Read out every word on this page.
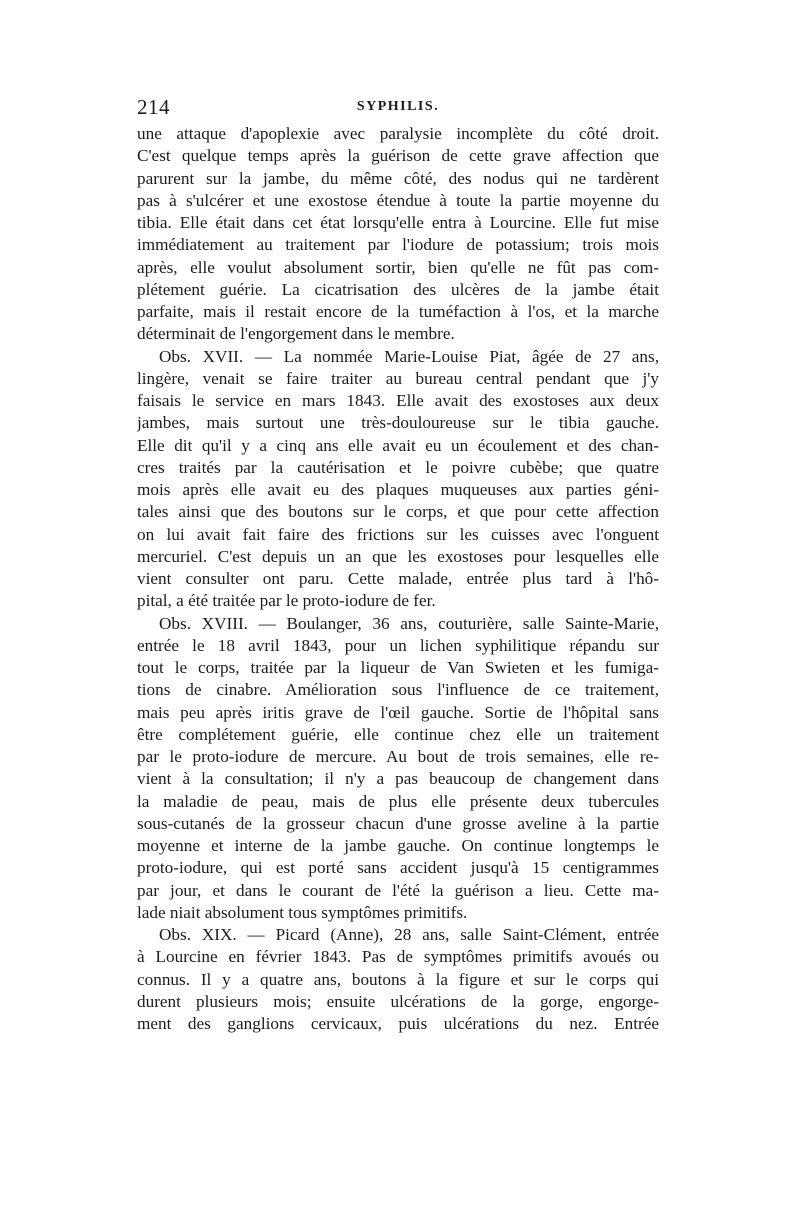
214	SYPHILIS.
une attaque d'apoplexie avec paralysie incomplète du côté droit.
C'est quelque temps après la guérison de cette grave affection que
parurent sur la jambe, du même côté, des nodus qui ne tardèrent
pas à s'ulcérer et une exostose étendue à toute la partie moyenne du
tibia. Elle était dans cet état lorsqu'elle entra à Lourcine. Elle fut mise
immédiatement au traitement par l'iodure de potassium; trois mois
après, elle voulut absolument sortir, bien qu'elle ne fût pas com-
plétement guérie. La cicatrisation des ulcères de la jambe était
parfaite, mais il restait encore de la tuméfaction à l'os, et la marche
déterminait de l'engorgement dans le membre.
Obs. XVII. — La nommée Marie-Louise Piat, âgée de 27 ans,
lingère, venait se faire traiter au bureau central pendant que j'y
faisais le service en mars 1843. Elle avait des exostoses aux deux
jambes, mais surtout une très-douloureuse sur le tibia gauche.
Elle dit qu'il y a cinq ans elle avait eu un écoulement et des chan-
cres traités par la cautérisation et le poivre cubèbe; que quatre
mois après elle avait eu des plaques muqueuses aux parties géni-
tales ainsi que des boutons sur le corps, et que pour cette affection
on lui avait fait faire des frictions sur les cuisses avec l'onguent
mercuriel. C'est depuis un an que les exostoses pour lesquelles elle
vient consulter ont paru. Cette malade, entrée plus tard à l'hô-
pital, a été traitée par le proto-iodure de fer.
Obs. XVIII. — Boulanger, 36 ans, couturière, salle Sainte-Marie,
entrée le 18 avril 1843, pour un lichen syphilitique répandu sur
tout le corps, traitée par la liqueur de Van Swieten et les fumiga-
tions de cinabre. Amélioration sous l'influence de ce traitement,
mais peu après iritis grave de l'œil gauche. Sortie de l'hôpital sans
être complétement guérie, elle continue chez elle un traitement
par le proto-iodure de mercure. Au bout de trois semaines, elle re-
vient à la consultation; il n'y a pas beaucoup de changement dans
la maladie de peau, mais de plus elle présente deux tubercules
sous-cutanés de la grosseur chacun d'une grosse aveline à la partie
moyenne et interne de la jambe gauche. On continue longtemps le
proto-iodure, qui est porté sans accident jusqu'à 15 centigrammes
par jour, et dans le courant de l'été la guérison a lieu. Cette ma-
lade niait absolument tous symptômes primitifs.
Obs. XIX. — Picard (Anne), 28 ans, salle Saint-Clément, entrée
à Lourcine en février 1843. Pas de symptômes primitifs avoués ou
connus. Il y a quatre ans, boutons à la figure et sur le corps qui
durent plusieurs mois; ensuite ulcérations de la gorge, engorge-
ment des ganglions cervicaux, puis ulcérations du nez. Entrée
